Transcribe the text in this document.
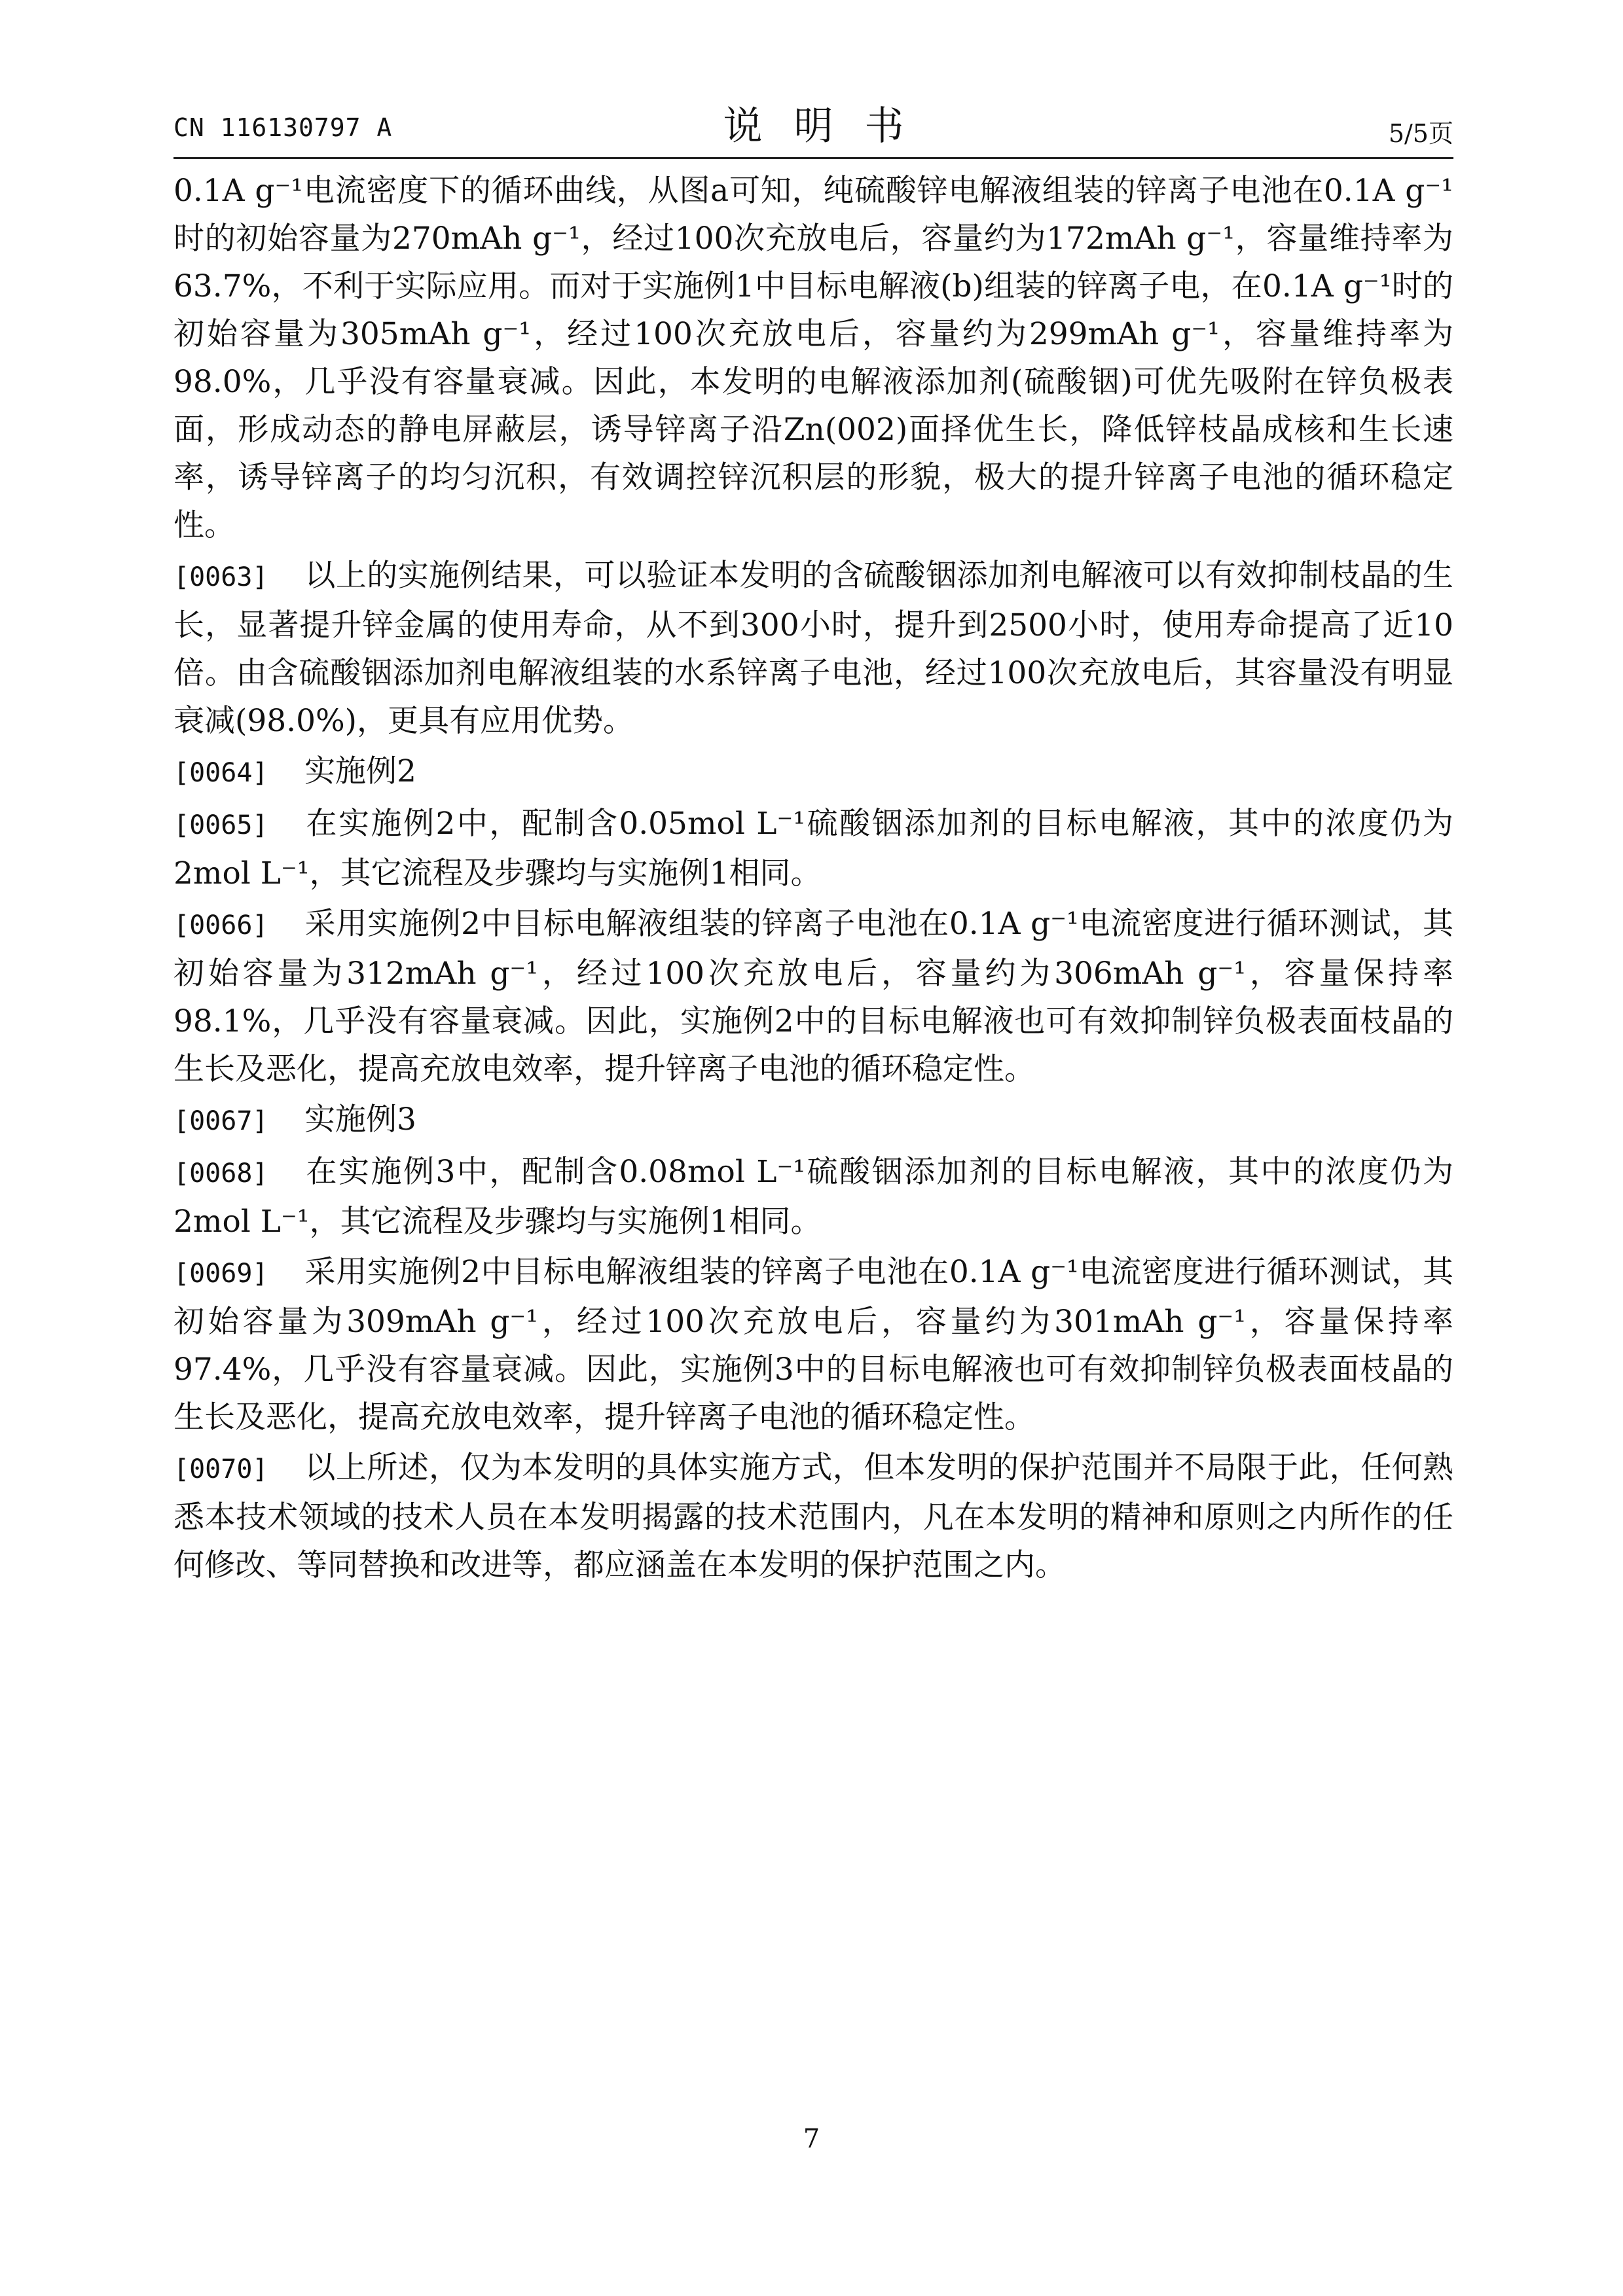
CN 116130797 A	说明书	5/5页

0.1A g⁻¹电流密度下的循环曲线，从图a可知，纯硫酸锌电解液组装的锌离子电池在0.1A g⁻¹时的初始容量为270mAh g⁻¹，经过100次充放电后，容量约为172mAh g⁻¹，容量维持率为63.7%，不利于实际应用。而对于实施例1中目标电解液(b)组装的锌离子电，在0.1A g⁻¹时的初始容量为305mAh g⁻¹，经过100次充放电后，容量约为299mAh g⁻¹，容量维持率为98.0%，几乎没有容量衰减。因此，本发明的电解液添加剂(硫酸铟)可优先吸附在锌负极表面，形成动态的静电屏蔽层，诱导锌离子沿Zn(002)面择优生长，降低锌枝晶成核和生长速率，诱导锌离子的均匀沉积，有效调控锌沉积层的形貌，极大的提升锌离子电池的循环稳定性。

[0063] 以上的实施例结果，可以验证本发明的含硫酸铟添加剂电解液可以有效抑制枝晶的生长，显著提升锌金属的使用寿命，从不到300小时，提升到2500小时，使用寿命提高了近10倍。由含硫酸铟添加剂电解液组装的水系锌离子电池，经过100次充放电后，其容量没有明显衰减(98.0%)，更具有应用优势。

[0064] 实施例2

[0065] 在实施例2中，配制含0.05mol L⁻¹硫酸铟添加剂的目标电解液，其中的浓度仍为2mol L⁻¹，其它流程及步骤均与实施例1相同。

[0066] 采用实施例2中目标电解液组装的锌离子电池在0.1A g⁻¹电流密度进行循环测试，其初始容量为312mAh g⁻¹，经过100次充放电后，容量约为306mAh g⁻¹，容量保持率98.1%，几乎没有容量衰减。因此，实施例2中的目标电解液也可有效抑制锌负极表面枝晶的生长及恶化，提高充放电效率，提升锌离子电池的循环稳定性。

[0067] 实施例3

[0068] 在实施例3中，配制含0.08mol L⁻¹硫酸铟添加剂的目标电解液，其中的浓度仍为2mol L⁻¹，其它流程及步骤均与实施例1相同。

[0069] 采用实施例2中目标电解液组装的锌离子电池在0.1A g⁻¹电流密度进行循环测试，其初始容量为309mAh g⁻¹，经过100次充放电后，容量约为301mAh g⁻¹，容量保持率97.4%，几乎没有容量衰减。因此，实施例3中的目标电解液也可有效抑制锌负极表面枝晶的生长及恶化，提高充放电效率，提升锌离子电池的循环稳定性。

[0070] 以上所述，仅为本发明的具体实施方式，但本发明的保护范围并不局限于此，任何熟悉本技术领域的技术人员在本发明揭露的技术范围内，凡在本发明的精神和原则之内所作的任何修改、等同替换和改进等，都应涵盖在本发明的保护范围之内。

7
